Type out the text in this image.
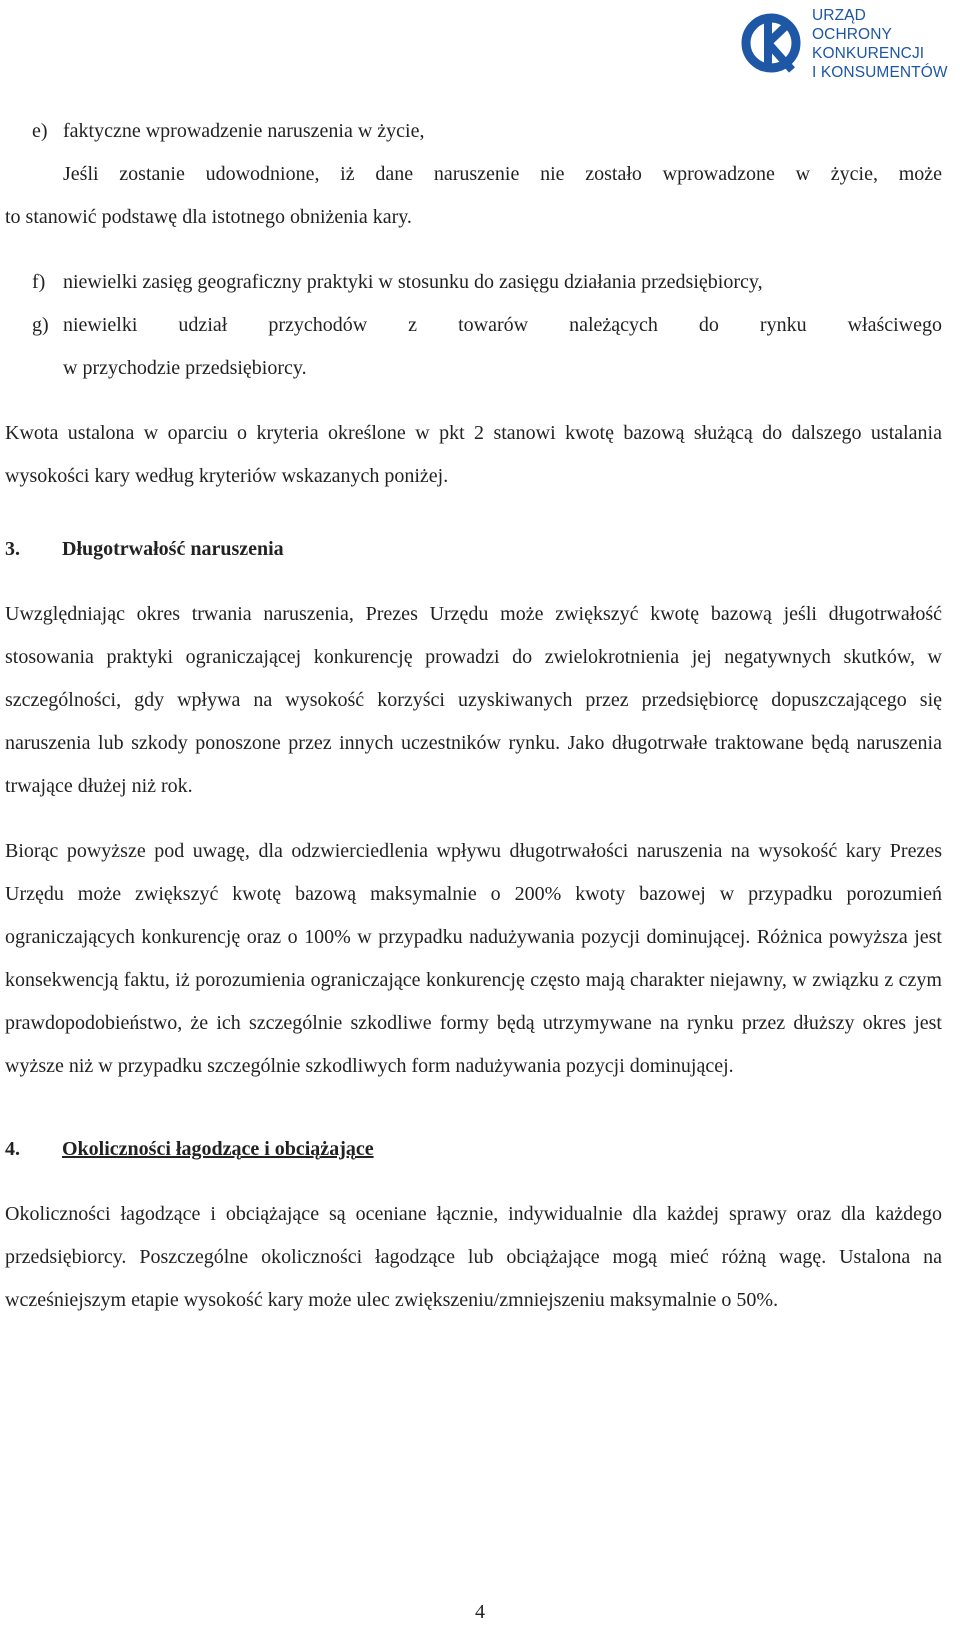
URZĄD
OCHRONY
KONKURENCJI
I KONSUMENTÓW

e) faktyczne wprowadzenie naruszenia w życie,

Jeśli zostanie udowodnione, iż dane naruszenie nie zostało wprowadzone w życie, może

to stanowić podstawę dla istotnego obniżenia kary.

f) niewielki zasięg geograficzny praktyki w stosunku do zasięgu działania przedsiębiorcy,

g) niewielki udział przychodów z towarów należących do rynku właściwego
w przychodzie przedsiębiorcy.

Kwota ustalona w oparciu o kryteria określone w pkt 2 stanowi kwotę bazową służącą do dalszego ustalania wysokości kary według kryteriów wskazanych poniżej.

3.	Długotrwałość naruszenia

Uwzględniając okres trwania naruszenia, Prezes Urzędu może zwiększyć kwotę bazową jeśli długotrwałość stosowania praktyki ograniczającej konkurencję prowadzi do zwielokrotnienia jej negatywnych skutków, w szczególności, gdy wpływa na wysokość korzyści uzyskiwanych przez przedsiębiorcę dopuszczającego się naruszenia lub szkody ponoszone przez innych uczestników rynku. Jako długotrwałe traktowane będą naruszenia trwające dłużej niż rok.

Biorąc powyższe pod uwagę, dla odzwierciedlenia wpływu długotrwałości naruszenia na wysokość kary Prezes Urzędu może zwiększyć kwotę bazową maksymalnie o 200% kwoty bazowej w przypadku porozumień ograniczających konkurencję oraz o 100% w przypadku nadużywania pozycji dominującej. Różnica powyższa jest konsekwencją faktu, iż porozumienia ograniczające konkurencję często mają charakter niejawny, w związku z czym prawdopodobieństwo, że ich szczególnie szkodliwe formy będą utrzymywane na rynku przez dłuższy okres jest wyższe niż w przypadku szczególnie szkodliwych form nadużywania pozycji dominującej.

4.	Okoliczności łagodzące i obciążające

Okoliczności łagodzące i obciążające są oceniane łącznie, indywidualnie dla każdej sprawy oraz dla każdego przedsiębiorcy. Poszczególne okoliczności łagodzące lub obciążające mogą mieć różną wagę. Ustalona na wcześniejszym etapie wysokość kary może ulec zwiększeniu/zmniejszeniu maksymalnie o 50%.

4
